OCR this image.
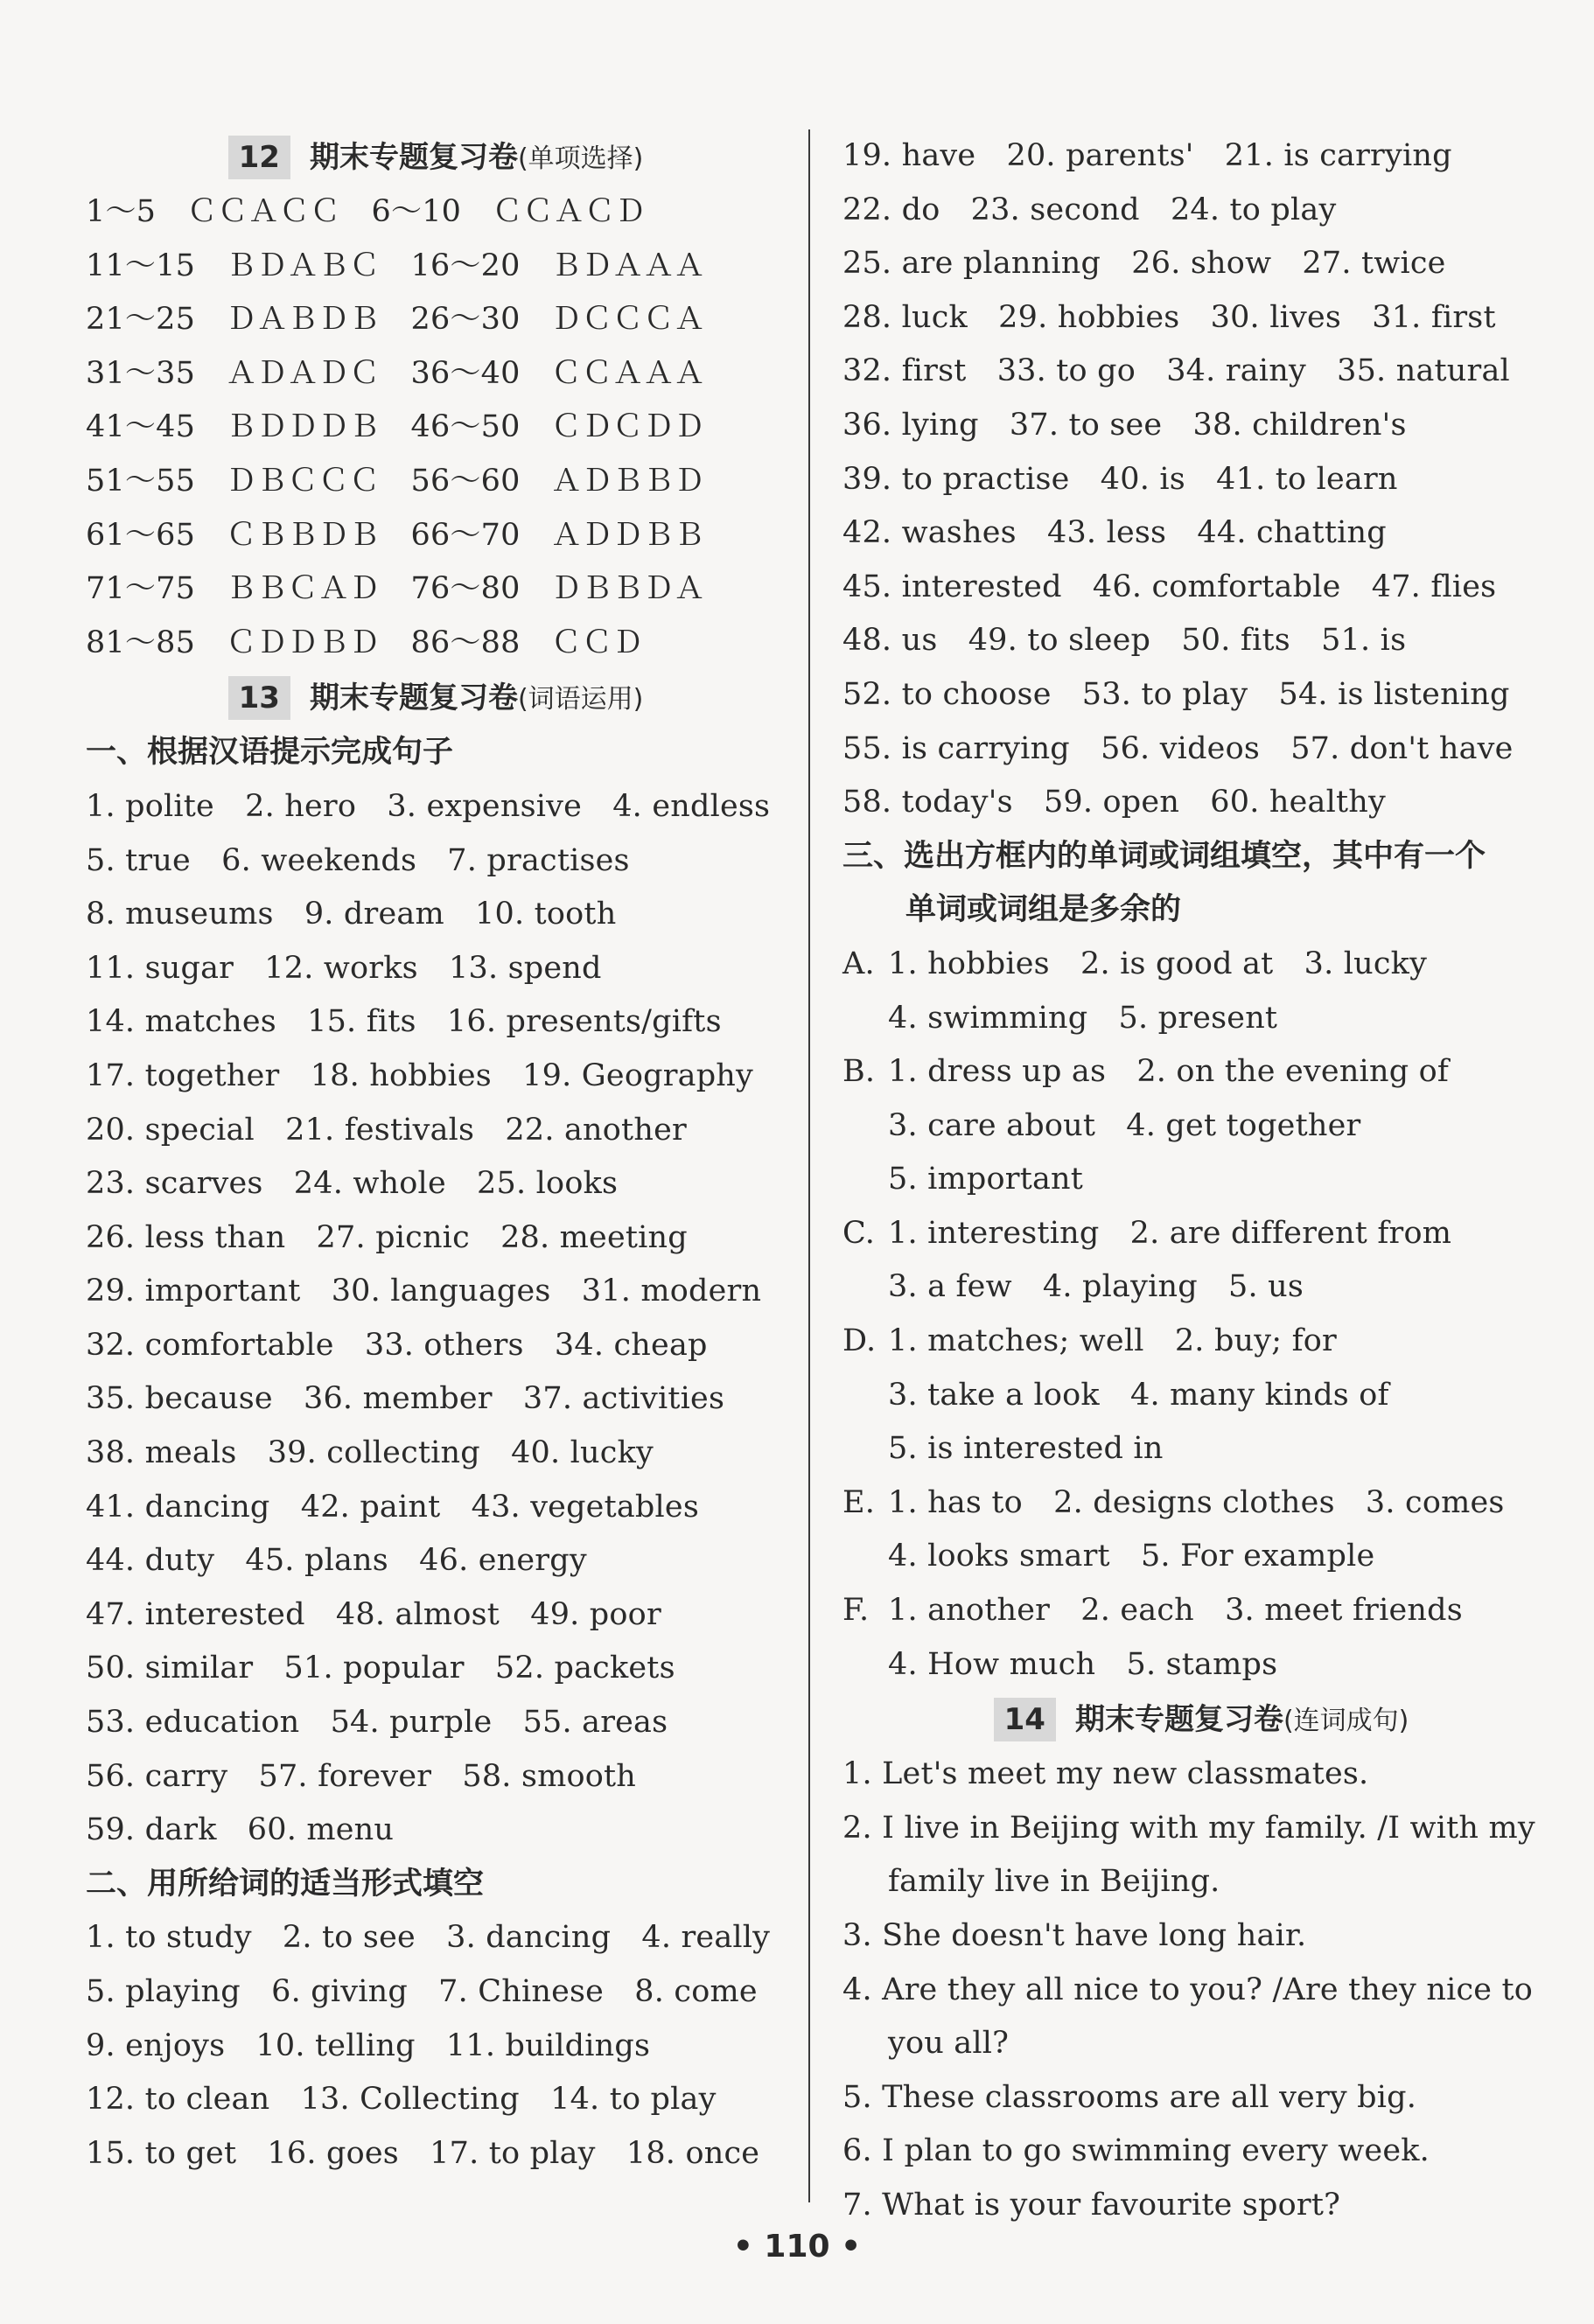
12 期末专题复习卷(单项选择)
1～5　ＣＣＡＣＣ　6～10　ＣＣＡＣＤ
11～15　ＢＤＡＢＣ　16～20　ＢＤＡＡＡ
21～25　ＤＡＢＤＢ　26～30　ＤＣＣＣＡ
31～35　ＡＤＡＤＣ　36～40　ＣＣＡＡＡ
41～45　ＢＤＤＤＢ　46～50　ＣＤＣＤＤ
51～55　ＤＢＣＣＣ　56～60　ＡＤＢＢＤ
61～65　ＣＢＢＤＢ　66～70　ＡＤＤＢＢ
71～75　ＢＢＣＡＤ　76～80　ＤＢＢＤＡ
81～85　ＣＤＤＢＤ　86～88　ＣＣＤ
13 期末专题复习卷(词语运用)
一、根据汉语提示完成句子
1. polite　2. hero　3. expensive　4. endless
5. true　6. weekends　7. practises
8. museums　9. dream　10. tooth
11. sugar　12. works　13. spend
14. matches　15. fits　16. presents/gifts
17. together　18. hobbies　19. Geography
20. special　21. festivals　22. another
23. scarves　24. whole　25. looks
26. less than　27. picnic　28. meeting
29. important　30. languages　31. modern
32. comfortable　33. others　34. cheap
35. because　36. member　37. activities
38. meals　39. collecting　40. lucky
41. dancing　42. paint　43. vegetables
44. duty　45. plans　46. energy
47. interested　48. almost　49. poor
50. similar　51. popular　52. packets
53. education　54. purple　55. areas
56. carry　57. forever　58. smooth
59. dark　60. menu
二、用所给词的适当形式填空
1. to study　2. to see　3. dancing　4. really
5. playing　6. giving　7. Chinese　8. come
9. enjoys　10. telling　11. buildings
12. to clean　13. Collecting　14. to play
15. to get　16. goes　17. to play　18. once
19. have　20. parents'　21. is carrying
22. do　23. second　24. to play
25. are planning　26. show　27. twice
28. luck　29. hobbies　30. lives　31. first
32. first　33. to go　34. rainy　35. natural
36. lying　37. to see　38. children's
39. to practise　40. is　41. to learn
42. washes　43. less　44. chatting
45. interested　46. comfortable　47. flies
48. us　49. to sleep　50. fits　51. is
52. to choose　53. to play　54. is listening
55. is carrying　56. videos　57. don't have
58. today's　59. open　60. healthy
三、选出方框内的单词或词组填空，其中有一个
单词或词组是多余的
A. 1. hobbies　2. is good at　3. lucky
4. swimming　5. present
B. 1. dress up as　2. on the evening of
3. care about　4. get together
5. important
C. 1. interesting　2. are different from
3. a few　4. playing　5. us
D. 1. matches; well　2. buy; for
3. take a look　4. many kinds of
5. is interested in
E. 1. has to　2. designs clothes　3. comes
4. looks smart　5. For example
F. 1. another　2. each　3. meet friends
4. How much　5. stamps
14 期末专题复习卷(连词成句)
1. Let's meet my new classmates.
2. I live in Beijing with my family. /I with my
family live in Beijing.
3. She doesn't have long hair.
4. Are they all nice to you? /Are they nice to
you all?
5. These classrooms are all very big.
6. I plan to go swimming every week.
7. What is your favourite sport?
• 110 •
